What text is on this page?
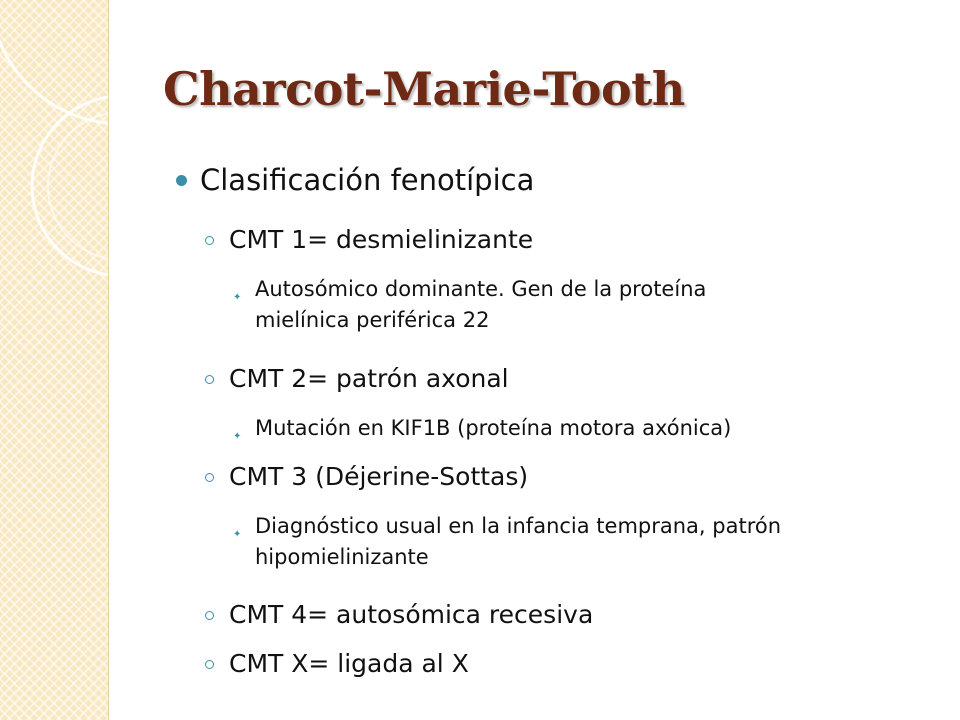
Charcot-Marie-Tooth
Clasificación fenotípica
CMT 1= desmielinizante
✦ Autosómico dominante. Gen de la proteína
mielínica periférica 22
CMT 2= patrón axonal
✦ Mutación en KIF1B (proteína motora axónica)
CMT 3 (Déjerine-Sottas)
✦ Diagnóstico usual en la infancia temprana, patrón
hipomielinizante
CMT 4= autosómica recesiva
CMT X= ligada al X
